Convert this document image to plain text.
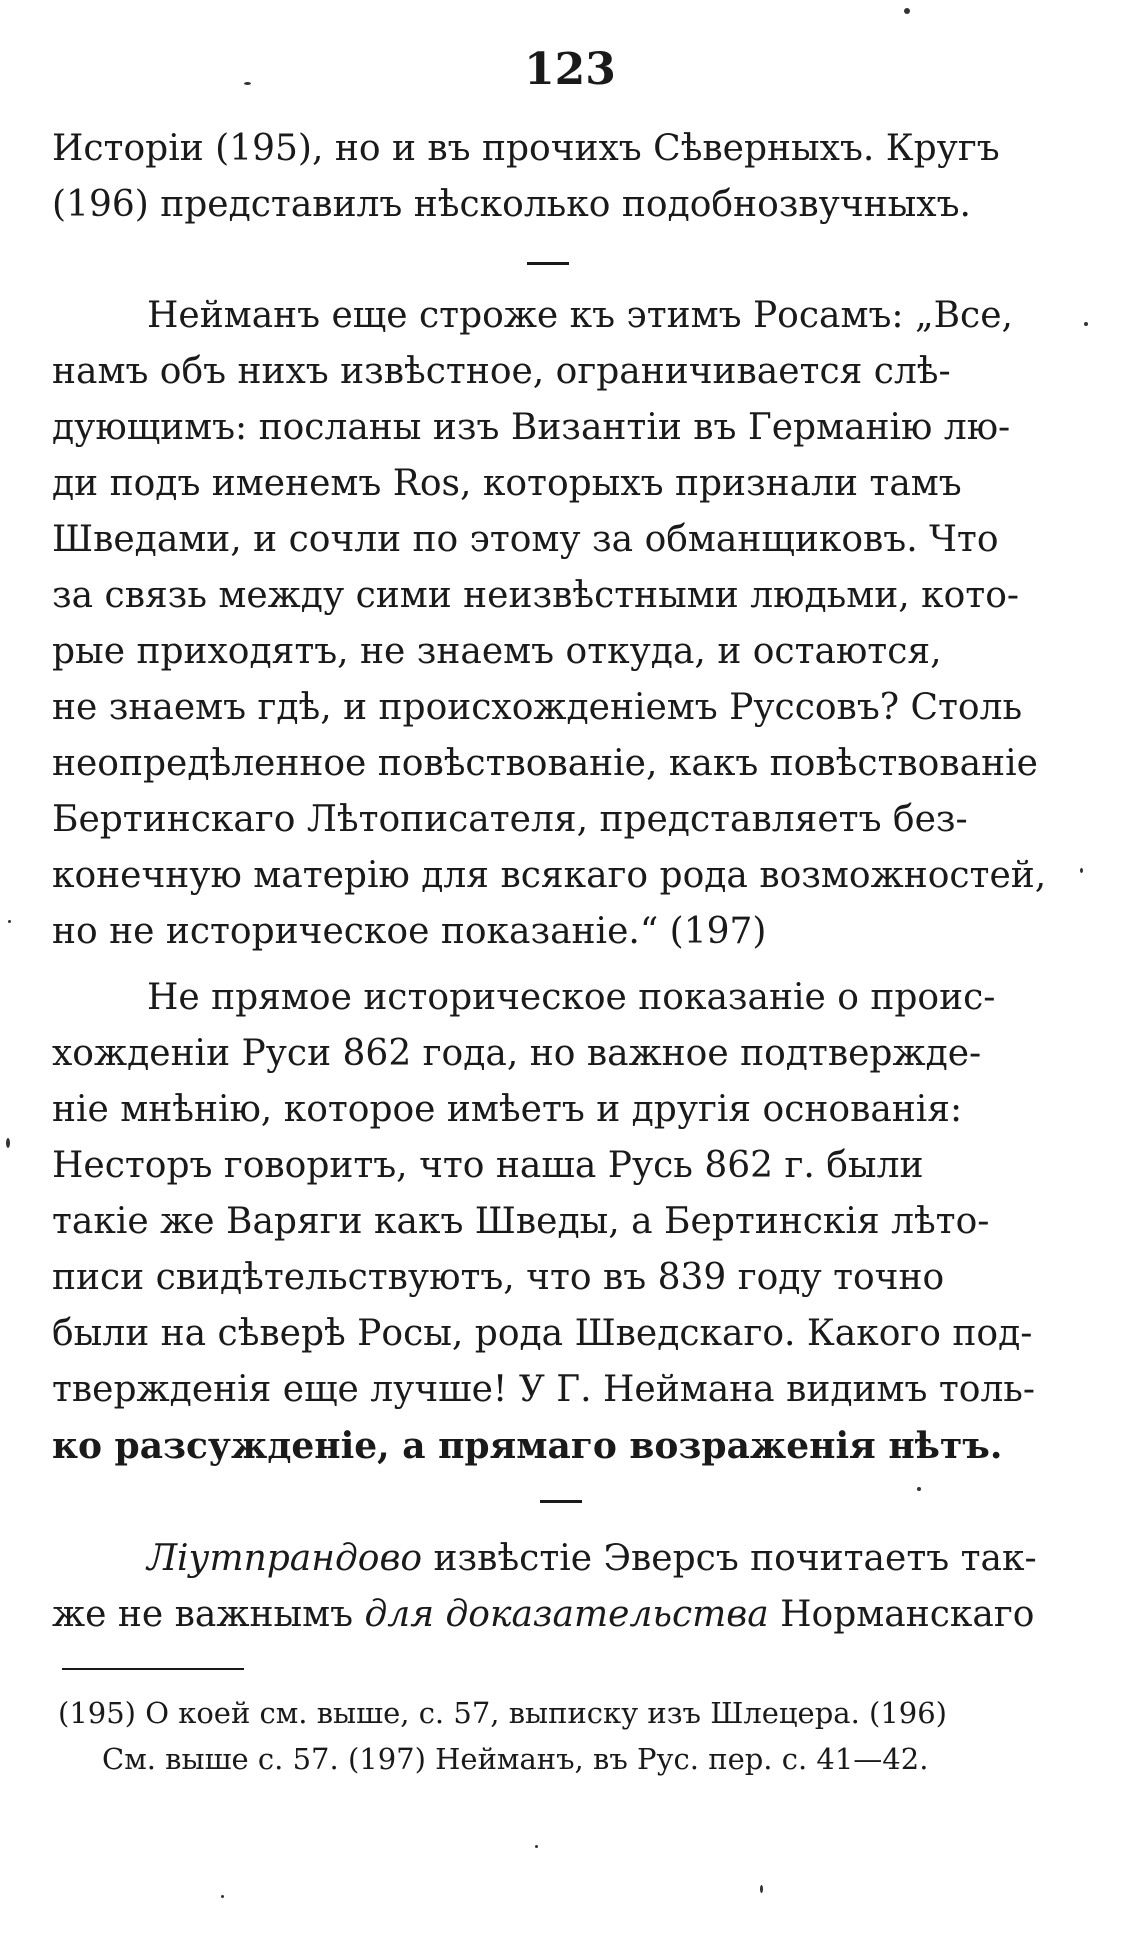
123

Исторіи (195), но и въ прочихъ Сѣверныхъ. Кругъ

(196) представилъ нѣсколько подобнозвучныхъ.

Нейманъ еще строже къ этимъ Росамъ: „Все,

намъ объ нихъ извѣстное, ограничивается слѣ-

дующимъ: посланы изъ Византіи въ Германію лю-

ди подъ именемъ Ros, которыхъ признали тамъ

Шведами, и сочли по этому за обманщиковъ. Что

за связь между сими неизвѣстными людьми, кото-

рые приходятъ, не знаемъ откуда, и остаются,

не знаемъ гдѣ, и происхожденіемъ Руссовъ? Столь

неопредѣленное повѣствованіе, какъ повѣствованіе

Бертинскаго Лѣтописателя, представляетъ без-

конечную матерію для всякаго рода возможностей,

но не историческое показаніе.“ (197)

Не прямое историческое показаніе о проис-

хожденіи Руси 862 года, но важное подтвержде-

ніе мнѣнію, которое имѣетъ и другія основанія:

Несторъ говоритъ, что наша Русь 862 г. были

такіе же Варяги какъ Шведы, а Бертинскія лѣто-

писи свидѣтельствуютъ, что въ 839 году точно

были на сѣверѣ Росы, рода Шведскаго. Какого под-

твержденія еще лучше! У Г. Неймана видимъ толь-

ко разсужденіе, а прямаго возраженія нѣтъ.

Ліутпрандово извѣстіе Эверсъ почитаетъ так-

же не важнымъ для доказательства Норманскаго

(195) О коей см. выше, с. 57, выписку изъ Шлецера. (196)

См. выше с. 57. (197) Нейманъ, въ Рус. пер. с. 41—42.
